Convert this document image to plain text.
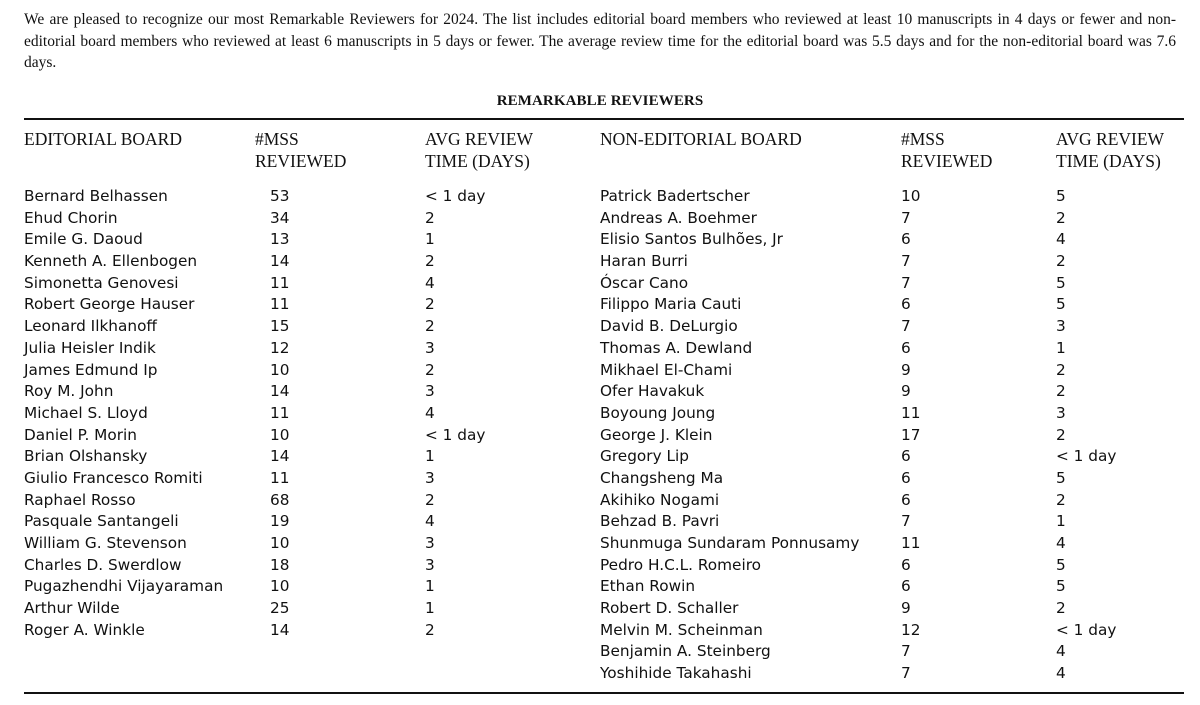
We are pleased to recognize our most Remarkable Reviewers for 2024. The list includes editorial board members who reviewed at least 10 manuscripts in 4 days or fewer and non-editorial board members who reviewed at least 6 manuscripts in 5 days or fewer. The average review time for the editorial board was 5.5 days and for the non-editorial board was 7.6 days.

REMARKABLE REVIEWERS
EDITORIAL BOARD	#MSS
REVIEWED
AVG REVIEW
TIME (DAYS)
NON-EDITORIAL BOARD	#MSS
REVIEWED
AVG REVIEW
TIME (DAYS)
Bernard Belhassen
Ehud Chorin
Emile G. Daoud
Kenneth A. Ellenbogen
Simonetta Genovesi
Robert George Hauser
Leonard Ilkhanoff
Julia Heisler Indik
James Edmund Ip
Roy M. John
Michael S. Lloyd
Daniel P. Morin
Brian Olshansky
Giulio Francesco Romiti
Raphael Rosso
Pasquale Santangeli
William G. Stevenson
Charles D. Swerdlow
Pugazhendhi Vijayaraman
Arthur Wilde
Roger A. Winkle
53
34
13
14
11
11
15
12
10
14
11
10
14
11
68
19
10
18
10
25
14
< 1 day
2
1
2
4
2
2
3
2
3
4
< 1 day
1
3
2
4
3
3
1
1
2
Patrick Badertscher
Andreas A. Boehmer
Elisio Santos Bulhões, Jr
Haran Burri
Óscar Cano
Filippo Maria Cauti
David B. DeLurgio
Thomas A. Dewland
Mikhael El-Chami
Ofer Havakuk
Boyoung Joung
George J. Klein
Gregory Lip
Changsheng Ma
Akihiko Nogami
Behzad B. Pavri
Shunmuga Sundaram Ponnusamy
Pedro H.C.L. Romeiro
Ethan Rowin
Robert D. Schaller
Melvin M. Scheinman
Benjamin A. Steinberg
Yoshihide Takahashi
10
7
6
7
7
6
7
6
9
9
11
17
6
6
6
7
11
6
6
9
12
7
7
5
2
4
2
5
5
3
1
2
2
3
2
< 1 day
5
2
1
4
5
5
2
< 1 day
4
4
